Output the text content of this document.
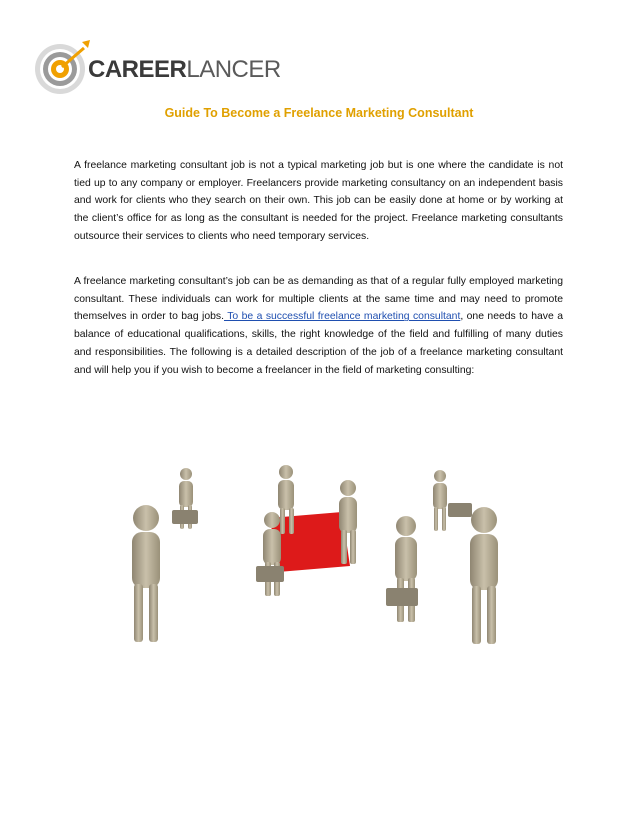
CAREERLANCER
Guide To Become a Freelance Marketing Consultant
A freelance marketing consultant job is not a typical marketing job but is one where the candidate is not tied up to any company or employer. Freelancers provide marketing consultancy on an independent basis and work for clients who they search on their own. This job can be easily done at home or by working at the client’s office for as long as the consultant is needed for the project. Freelance marketing consultants outsource their services to clients who need temporary services.
A freelance marketing consultant’s job can be as demanding as that of a regular fully employed marketing consultant. These individuals can work for multiple clients at the same time and may need to promote themselves in order to bag jobs. To be a successful freelance marketing consultant, one needs to have a balance of educational qualifications, skills, the right knowledge of the field and fulfilling of many duties and responsibilities. The following is a detailed description of the job of a freelance marketing consultant and will help you if you wish to become a freelancer in the field of marketing consulting:
